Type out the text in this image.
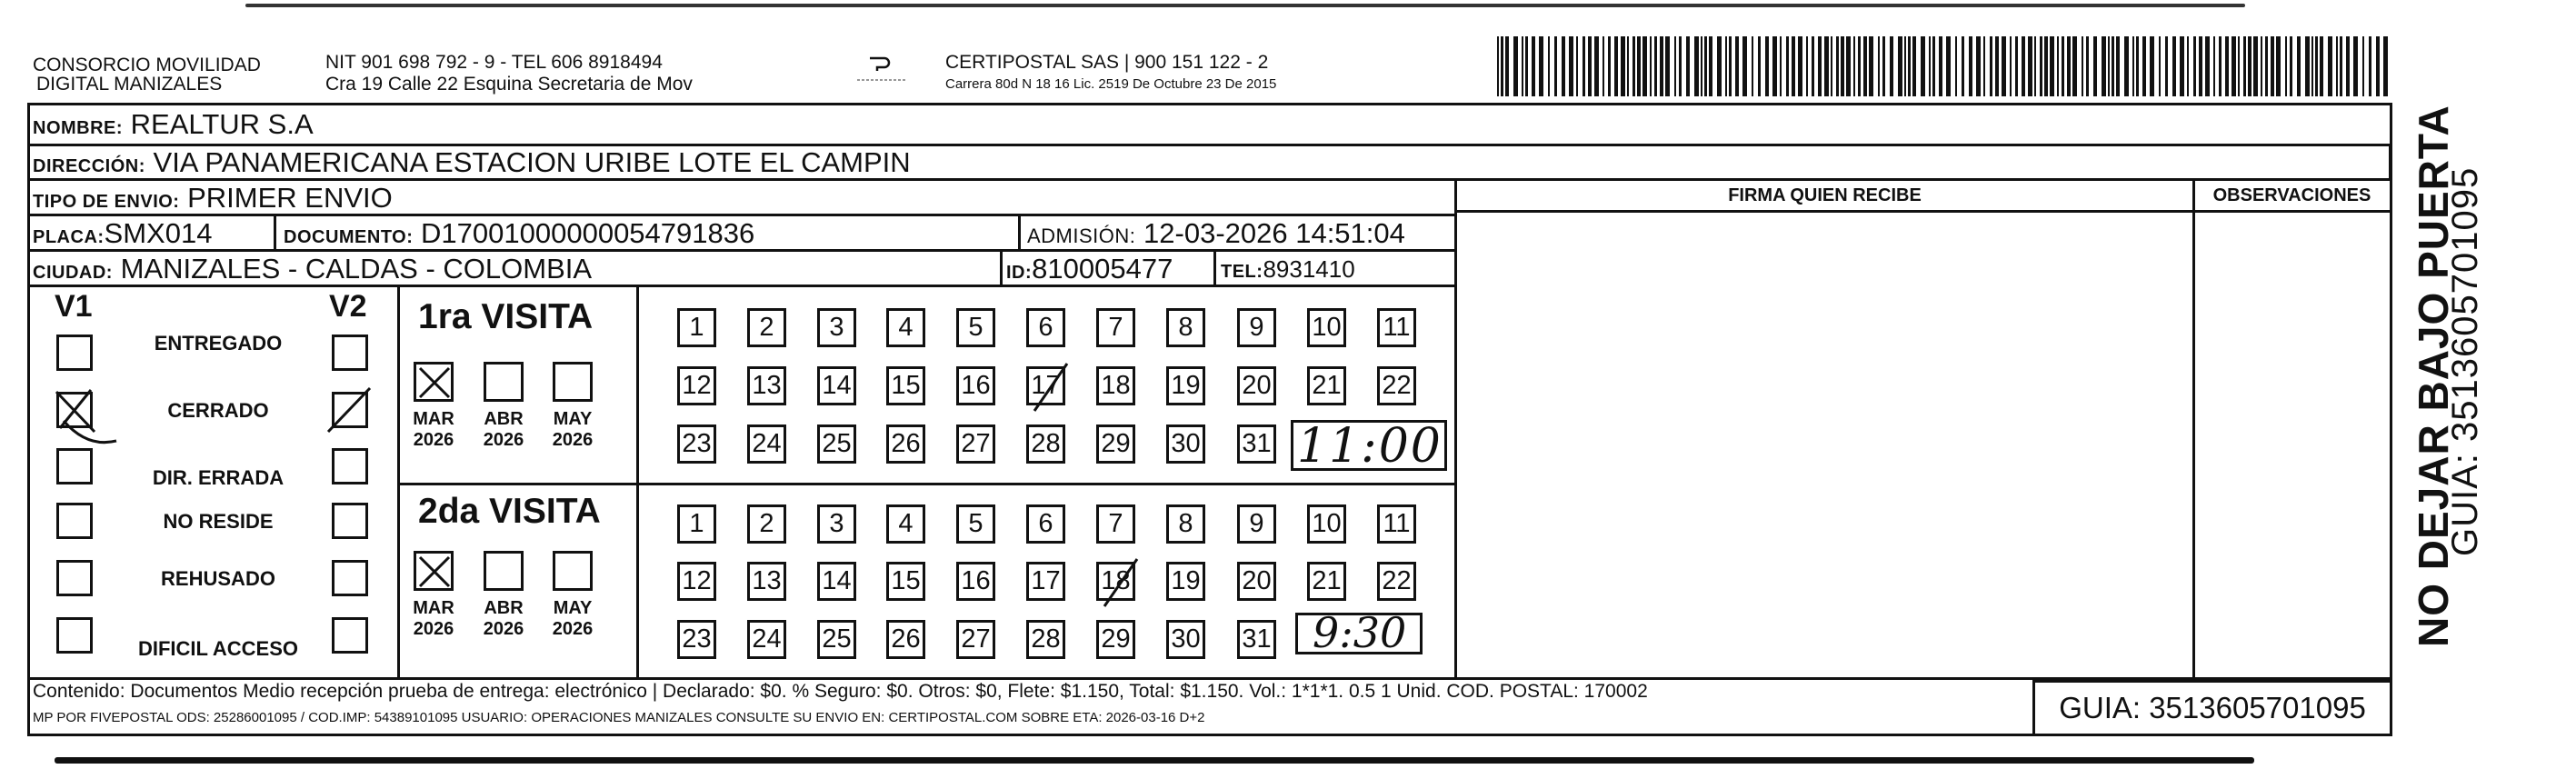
CONSORCIO MOVILIDAD
DIGITAL MANIZALES
NIT 901 698 792 - 9 - TEL 606 8918494
Cra 19 Calle 22 Esquina Secretaria de Mov
CERTIPOSTAL SAS | 900 151 122 - 2
Carrera 80d N 18 16 Lic. 2519 De Octubre 23 De 2015
NOMBRE: REALTUR S.A
DIRECCIÓN: VIA PANAMERICANA ESTACION URIBE LOTE EL CAMPIN
TIPO DE ENVIO: PRIMER ENVIO
PLACA:SMX014	DOCUMENTO: D17001000000054791836	ADMISIÓN: 12-03-2026 14:51:04
CIUDAD: MANIZALES - CALDAS - COLOMBIA	ID:810005477	TEL:8931410
FIRMA QUIEN RECIBE	OBSERVACIONES
V1	V2
ENTREGADO
CERRADO
DIR. ERRADA
NO RESIDE
REHUSADO
DIFICIL ACCESO
1ra VISITA
MAR
2026
ABR
2026
MAY
2026
1	2	3	4	5	6	7	8	9	10 11
12 13 14 15 16 17 18 19 20 21 22
23 24 25 26 27 28 29 30 31
2da VISITA
MAR
2026
ABR
2026
MAY
2026
1	2	3	4	5	6	7	8	9	10 11
12 13 14 15 16 17 18 19 20 21 22
23 24 25 26 27 28 29 30 31
11:00
9:30
Contenido: Documentos Medio recepción prueba de entrega: electrónico | Declarado: $0. % Seguro: $0. Otros: $0, Flete: $1.150, Total: $1.150. Vol.: 1*1*1. 0.5 1 Unid. COD. POSTAL: 170002
MP POR FIVEPOSTAL ODS: 25286001095 / COD.IMP: 54389101095 USUARIO: OPERACIONES MANIZALES CONSULTE SU ENVIO EN: CERTIPOSTAL.COM SOBRE ETA: 2026-03-16 D+2	GUIA: 3513605701095
NO DEJAR BAJO PUERTA
GUIA: 3513605701095
